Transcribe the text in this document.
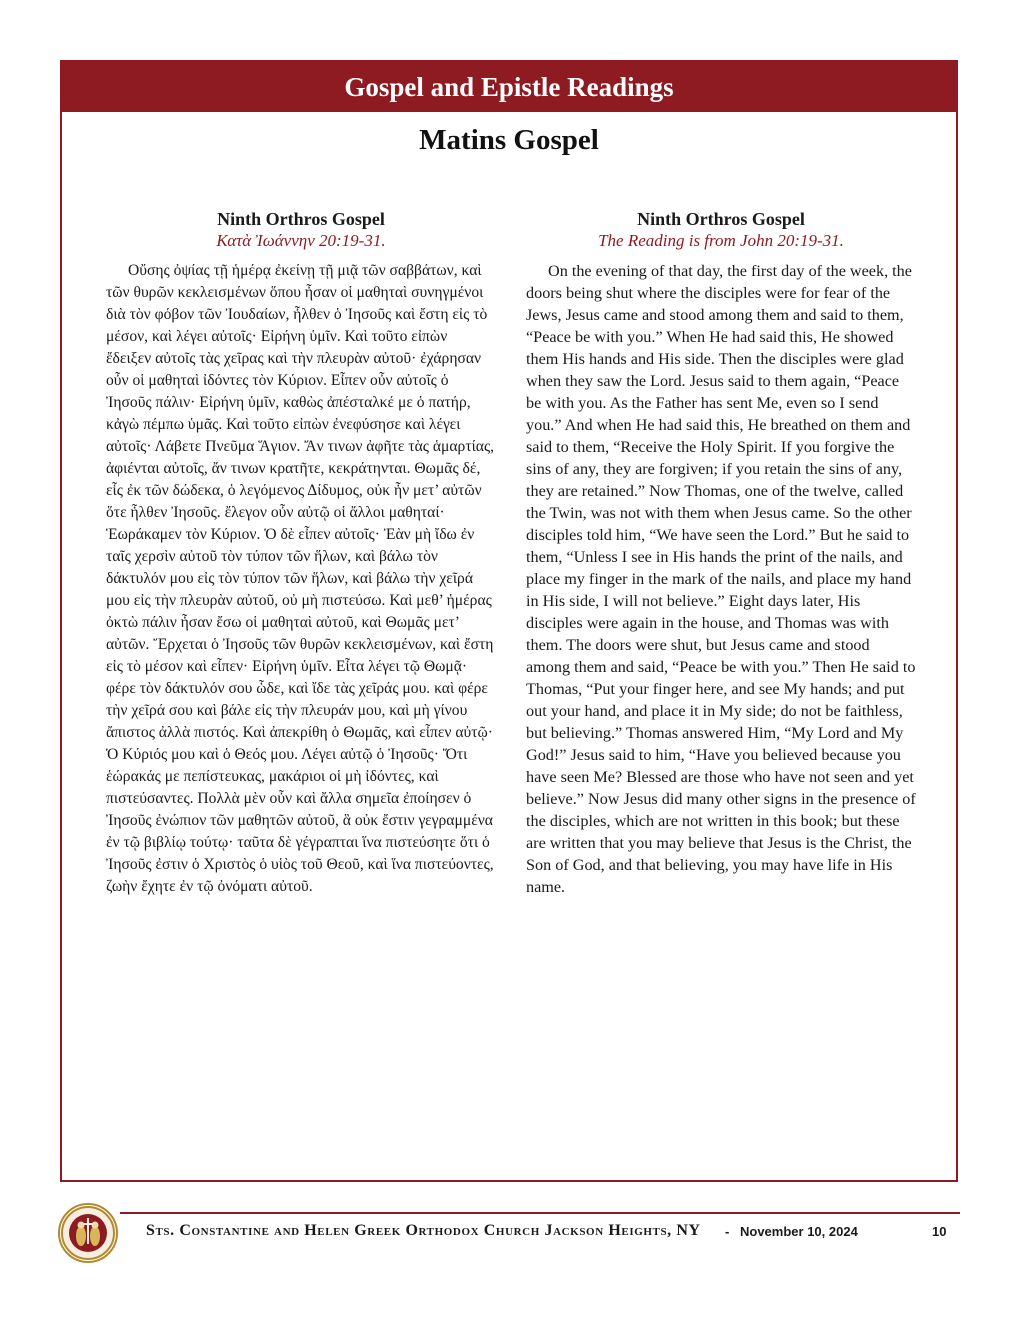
Gospel and Epistle Readings
Matins Gospel
Ninth Orthros Gospel
Κατὰ Ἰωάννην 20:19-31.

Οὔσης ὀψίας τῇ ἡμέρᾳ ἐκείνῃ τῇ μιᾷ τῶν σαββάτων, καὶ τῶν θυρῶν κεκλεισμένων ὅπου ἦσαν οἱ μαθηταὶ συνηγμένοι διὰ τὸν φόβον τῶν Ἰουδαίων, ἦλθεν ὁ Ἰησοῦς καὶ ἔστη εἰς τὸ μέσον, καὶ λέγει αὐτοῖς· Εἰρήνη ὑμῖν. Καὶ τοῦτο εἰπὼν ἔδειξεν αὐτοῖς τὰς χεῖρας καὶ τὴν πλευρὰν αὐτοῦ· ἐχάρησαν οὖν οἱ μαθηταὶ ἰδόντες τὸν Κύριον. Εἶπεν οὖν αὐτοῖς ὁ Ἰησοῦς πάλιν· Εἰρήνη ὑμῖν, καθὼς ἀπέσταλκέ με ὁ πατήρ, κἀγὼ πέμπω ὑμᾶς. Καὶ τοῦτο εἰπὼν ἐνεφύσησε καὶ λέγει αὐτοῖς· Λάβετε Πνεῦμα Ἅγιον. Ἄν τινων ἀφῆτε τὰς ἁμαρτίας, ἀφιένται αὐτοῖς, ἄν τινων κρατῆτε, κεκράτηνται. Θωμᾶς δέ, εἷς ἐκ τῶν δώδεκα, ὁ λεγόμενος Δίδυμος, οὐκ ἦν μετ’ αὐτῶν ὅτε ἦλθεν Ἰησοῦς. ἔλεγον οὖν αὐτῷ οἱ ἄλλοι μαθηταί· Ἑωράκαμεν τὸν Κύριον. Ὁ δὲ εἶπεν αὐτοῖς· Ἐὰν μὴ ἴδω ἐν ταῖς χερσὶν αὐτοῦ τὸν τύπον τῶν ἥλων, καὶ βάλω τὸν δάκτυλόν μου εἰς τὸν τύπον τῶν ἥλων, καὶ βάλω τὴν χεῖρά μου εἰς τὴν πλευρὰν αὐτοῦ, οὐ μὴ πιστεύσω. Καὶ μεθ’ ἡμέρας ὀκτὼ πάλιν ἦσαν ἔσω οἱ μαθηταὶ αὐτοῦ, καὶ Θωμᾶς μετ’ αὐτῶν. Ἔρχεται ὁ Ἰησοῦς τῶν θυρῶν κεκλεισμένων, καὶ ἔστη εἰς τὸ μέσον καὶ εἶπεν· Εἰρήνη ὑμῖν. Εἶτα λέγει τῷ Θωμᾷ· φέρε τὸν δάκτυλόν σου ὧδε, καὶ ἴδε τὰς χεῖράς μου. καὶ φέρε τὴν χεῖρά σου καὶ βάλε εἰς τὴν πλευράν μου, καὶ μὴ γίνου ἄπιστος ἀλλὰ πιστός. Καὶ ἀπεκρίθη ὁ Θωμᾶς, καὶ εἶπεν αὐτῷ· Ὁ Κύριός μου καὶ ὁ Θεός μου. Λέγει αὐτῷ ὁ Ἰησοῦς· Ὅτι ἑώρακάς με πεπίστευκας, μακάριοι οἱ μὴ ἰδόντες, καὶ πιστεύσαντες. Πολλὰ μὲν οὖν καὶ ἄλλα σημεῖα ἐποίησεν ὁ Ἰησοῦς ἐνώπιον τῶν μαθητῶν αὐτοῦ, ἃ οὐκ ἔστιν γεγραμμένα ἐν τῷ βιβλίῳ τούτῳ· ταῦτα δὲ γέγραπται ἵνα πιστεύσητε ὅτι ὁ Ἰησοῦς ἐστιν ὁ Χριστὸς ὁ υἱὸς τοῦ Θεοῦ, καὶ ἵνα πιστεύοντες, ζωὴν ἔχητε ἐν τῷ ὀνόματι αὐτοῦ.

Ninth Orthros Gospel
The Reading is from John 20:19-31.

On the evening of that day, the first day of the week, the doors being shut where the disciples were for fear of the Jews, Jesus came and stood among them and said to them, “Peace be with you.” When He had said this, He showed them His hands and His side. Then the disciples were glad when they saw the Lord. Jesus said to them again, “Peace be with you. As the Father has sent Me, even so I send you.” And when He had said this, He breathed on them and said to them, “Receive the Holy Spirit. If you forgive the sins of any, they are forgiven; if you retain the sins of any, they are retained.” Now Thomas, one of the twelve, called the Twin, was not with them when Jesus came. So the other disciples told him, “We have seen the Lord.” But he said to them, “Unless I see in His hands the print of the nails, and place my finger in the mark of the nails, and place my hand in His side, I will not believe.” Eight days later, His disciples were again in the house, and Thomas was with them. The doors were shut, but Jesus came and stood among them and said, “Peace be with you.” Then He said to Thomas, “Put your finger here, and see My hands; and put out your hand, and place it in My side; do not be faithless, but believing.” Thomas answered Him, “My Lord and My God!” Jesus said to him, “Have you believed because you have seen Me? Blessed are those who have not seen and yet believe.” Now Jesus did many other signs in the presence of the disciples, which are not written in this book; but these are written that you may believe that Jesus is the Christ, the Son of God, and that believing, you may have life in His name.

Sts. Constantine and Helen Greek Orthodox Church Jackson Heights, NY - November 10, 2024	10
